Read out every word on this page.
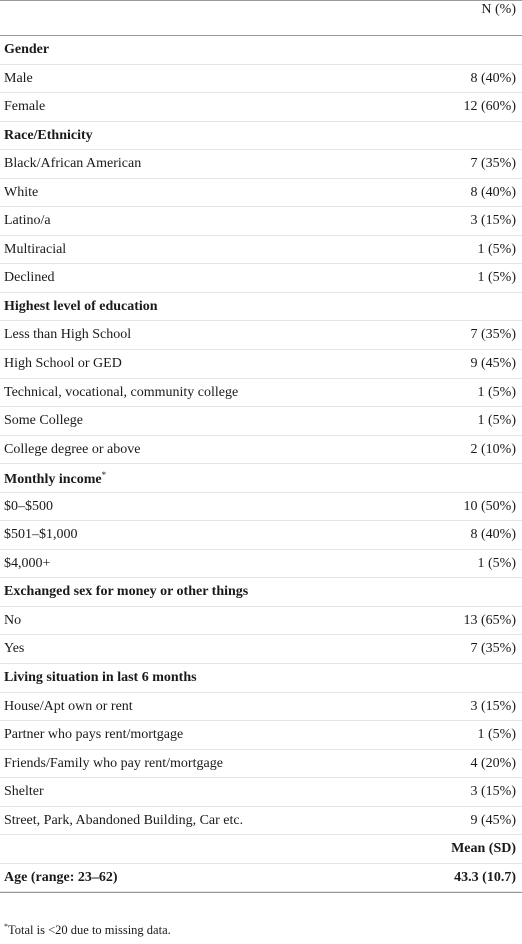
N (%)
Gender
Male	8 (40%)
Female	12 (60%)
Race/Ethnicity
Black/African American	7 (35%)
White	8 (40%)
Latino/a	3 (15%)
Multiracial	1 (5%)
Declined	1 (5%)
Highest level of education
Less than High School	7 (35%)
High School or GED	9 (45%)
Technical, vocational, community college	1 (5%)
Some College	1 (5%)
College degree or above	2 (10%)
Monthly income*
$0–$500	10 (50%)
$501–$1,000	8 (40%)
$4,000+	1 (5%)
Exchanged sex for money or other things
No	13 (65%)
Yes	7 (35%)
Living situation in last 6 months
House/Apt own or rent	3 (15%)
Partner who pays rent/mortgage	1 (5%)
Friends/Family who pay rent/mortgage	4 (20%)
Shelter	3 (15%)
Street, Park, Abandoned Building, Car etc.	9 (45%)
Mean (SD)
Age (range: 23–62)	43.3 (10.7)
*Total is <20 due to missing data.
